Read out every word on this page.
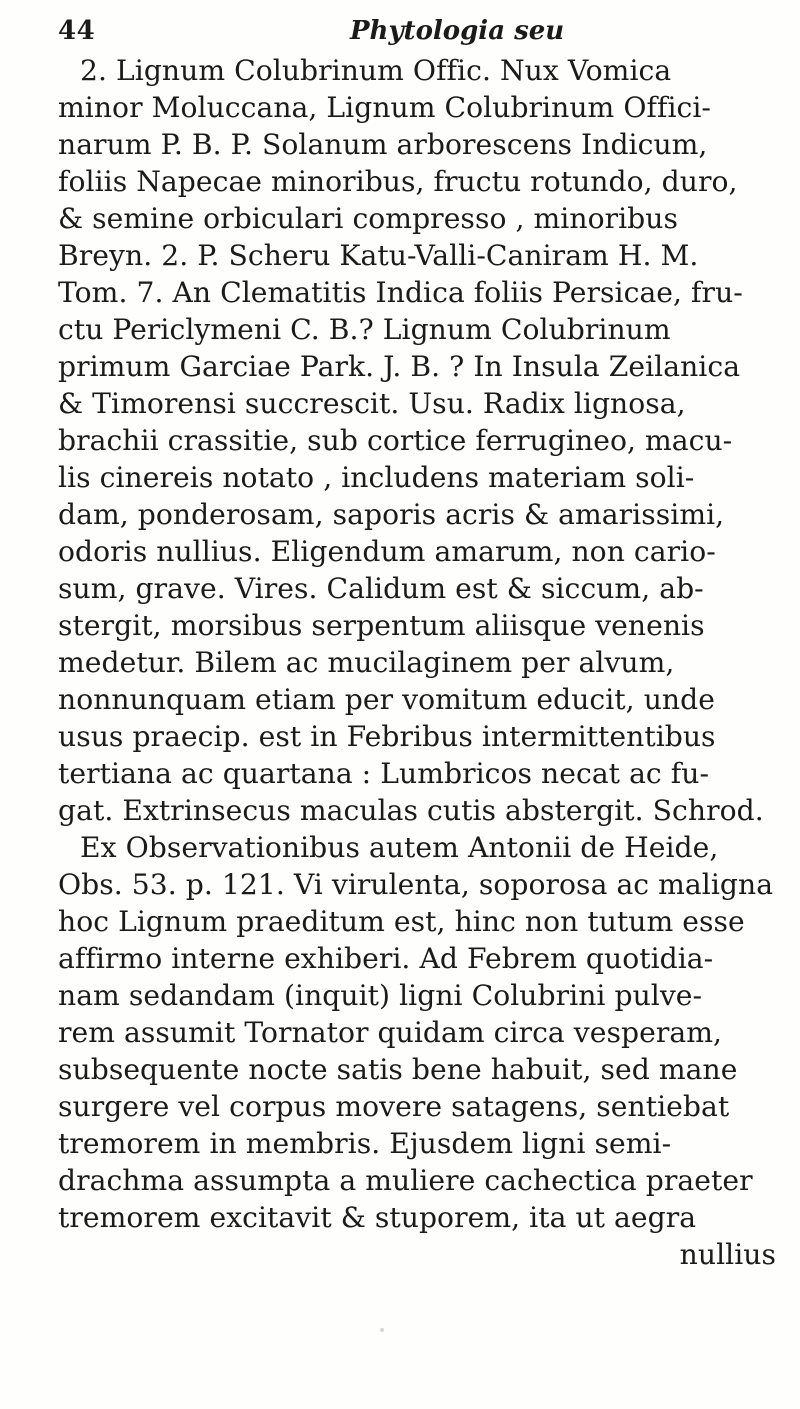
44	Phytologia seu
2. Lignum Colubrinum Offic. Nux Vomica
minor Moluccana, Lignum Colubrinum Offici-
narum P. B. P. Solanum arborescens Indicum,
foliis Napecae minoribus, fructu rotundo, duro,
& semine orbiculari compresso , minoribus
Breyn. 2. P. Scheru Katu-Valli-Caniram H. M.
Tom. 7. An Clematitis Indica foliis Persicae, fru-
ctu Periclymeni C. B.? Lignum Colubrinum
primum Garciae Park. J. B. ? In Insula Zeilanica
& Timorensi succrescit. Usu. Radix lignosa,
brachii crassitie, sub cortice ferrugineo, macu-
lis cinereis notato , includens materiam soli-
dam, ponderosam, saporis acris & amarissimi,
odoris nullius. Eligendum amarum, non cario-
sum, grave. Vires. Calidum est & siccum, ab-
stergit, morsibus serpentum aliisque venenis
medetur. Bilem ac mucilaginem per alvum,
nonnunquam etiam per vomitum educit, unde
usus praecip. est in Febribus intermittentibus
tertiana ac quartana : Lumbricos necat ac fu-
gat. Extrinsecus maculas cutis abstergit. Schrod.
Ex Observationibus autem Antonii de Heide,
Obs. 53. p. 121. Vi virulenta, soporosa ac maligna
hoc Lignum praeditum est, hinc non tutum esse
affirmo interne exhiberi. Ad Febrem quotidia-
nam sedandam (inquit) ligni Colubrini pulve-
rem assumit Tornator quidam circa vesperam,
subsequente nocte satis bene habuit, sed mane
surgere vel corpus movere satagens, sentiebat
tremorem in membris. Ejusdem ligni semi-
drachma assumpta a muliere cachectica praeter
tremorem excitavit & stuporem, ita ut aegra
nullius
